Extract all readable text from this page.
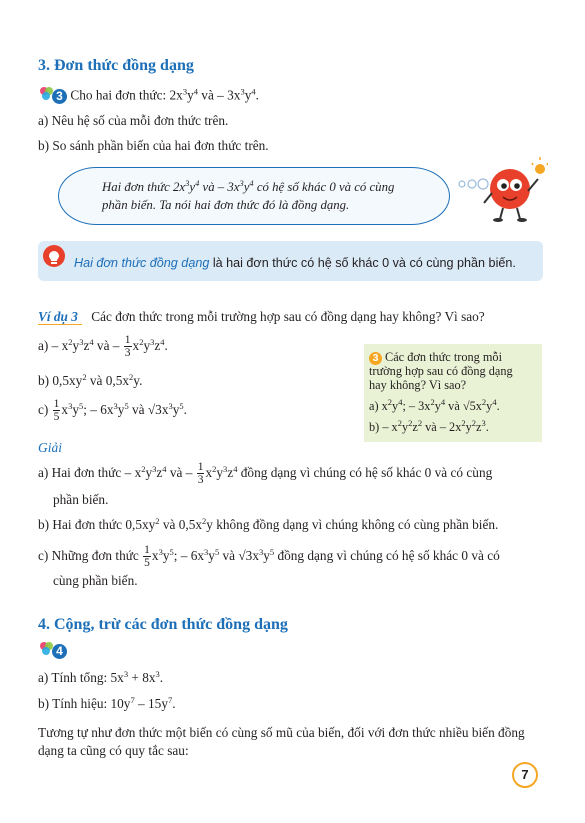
3. Đơn thức đồng dạng
3 Cho hai đơn thức: $2x^3y^4$ và – $3x^3y^4$.
a) Nêu hệ số của mỗi đơn thức trên.
b) So sánh phần biến của hai đơn thức trên.
Hai đơn thức $2x^3y^4$ và – $3x^3y^4$ có hệ số khác 0 và có cùng
phần biến. Ta nói hai đơn thức đó là đồng dạng.
Hai đơn thức đồng dạng là hai đơn thức có hệ số khác 0 và có cùng phần biến.
Ví dụ 3 Các đơn thức trong mỗi trường hợp sau có đồng dạng hay không? Vì sao?
$a) - x^2y^3z^4$ và – $\frac{1}{3} x^2y^3z^4$.
b) $0,5xy^2$ và $0,5x^2y$.
$c) \frac{1}{5} x^3y^5$; – $6x^3y^5$ và $√3x^3y^5$.
3 Các đơn thức trong mỗi
trường hợp sau có đồng dạng
hay không? Vì sao?
a) $x^2y^4$; – $3x^2y^4$ và $√5x^2y^4$.
$b) - x^2y^2z^2$ và – $2x^2y^2z^3$.
Giải
a) Hai đơn thức – $x^2y^3z^4$ và – $\frac{1}{3} x^2y^3z^4$ đồng dạng vì chúng có hệ số khác 0 và có cùng
phần biến.
b) Hai đơn thức $0,5xy^2$ và $0,5x^2y$ không đồng dạng vì chúng không có cùng phần biến.
c) Những đơn thức $\frac{1}{5} x^3y^5$; – $6x^3y^5$ và $√3x^3y^5$ đồng dạng vì chúng có hệ số khác 0 và có
cùng phần biến.
4. Cộng, trừ các đơn thức đồng dạng
4
a) Tính tổng: $5x^3 + 8x^3$.
b) Tính hiệu: $10y^7 - 15y^7$.
Tương tự như đơn thức một biến có cùng số mũ của biến, đối với đơn thức nhiều biến đồng
dạng ta cũng có quy tắc sau:
7
